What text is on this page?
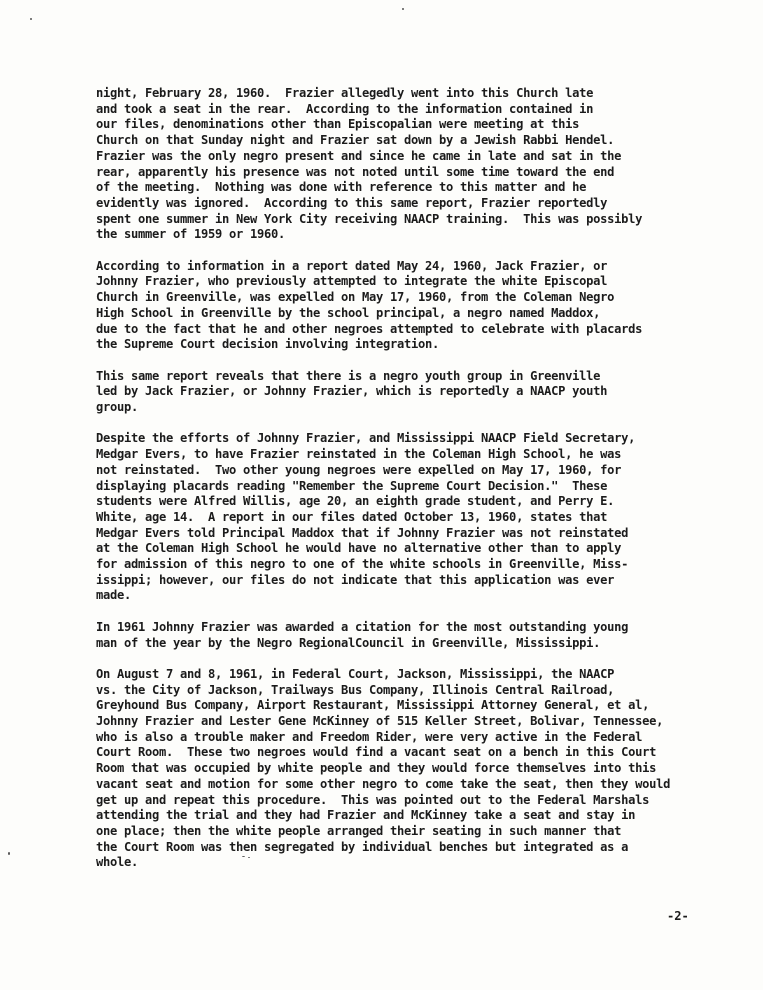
night, February 28, 1960.  Frazier allegedly went into this Church late
and took a seat in the rear.  According to the information contained in
our files, denominations other than Episcopalian were meeting at this
Church on that Sunday night and Frazier sat down by a Jewish Rabbi Hendel.
Frazier was the only negro present and since he came in late and sat in the
rear, apparently his presence was not noted until some time toward the end
of the meeting.  Nothing was done with reference to this matter and he
evidently was ignored.  According to this same report, Frazier reportedly
spent one summer in New York City receiving NAACP training.  This was possibly
the summer of 1959 or 1960.
According to information in a report dated May 24, 1960, Jack Frazier, or
Johnny Frazier, who previously attempted to integrate the white Episcopal
Church in Greenville, was expelled on May 17, 1960, from the Coleman Negro
High School in Greenville by the school principal, a negro named Maddox,
due to the fact that he and other negroes attempted to celebrate with placards
the Supreme Court decision involving integration.
This same report reveals that there is a negro youth group in Greenville
led by Jack Frazier, or Johnny Frazier, which is reportedly a NAACP youth
group.
Despite the efforts of Johnny Frazier, and Mississippi NAACP Field Secretary,
Medgar Evers, to have Frazier reinstated in the Coleman High School, he was
not reinstated.  Two other young negroes were expelled on May 17, 1960, for
displaying placards reading "Remember the Supreme Court Decision."  These
students were Alfred Willis, age 20, an eighth grade student, and Perry E.
White, age 14.  A report in our files dated October 13, 1960, states that
Medgar Evers told Principal Maddox that if Johnny Frazier was not reinstated
at the Coleman High School he would have no alternative other than to apply
for admission of this negro to one of the white schools in Greenville, Miss-
issippi; however, our files do not indicate that this application was ever
made.
In 1961 Johnny Frazier was awarded a citation for the most outstanding young
man of the year by the Negro RegionalCouncil in Greenville, Mississippi.
On August 7 and 8, 1961, in Federal Court, Jackson, Mississippi, the NAACP
vs. the City of Jackson, Trailways Bus Company, Illinois Central Railroad,
Greyhound Bus Company, Airport Restaurant, Mississippi Attorney General, et al,
Johnny Frazier and Lester Gene McKinney of 515 Keller Street, Bolivar, Tennessee,
who is also a trouble maker and Freedom Rider, were very active in the Federal
Court Room.  These two negroes would find a vacant seat on a bench in this Court
Room that was occupied by white people and they would force themselves into this
vacant seat and motion for some other negro to come take the seat, then they would
get up and repeat this procedure.  This was pointed out to the Federal Marshals
attending the trial and they had Frazier and McKinney take a seat and stay in
one place; then the white people arranged their seating in such manner that
the Court Room was then segregated by individual benches but integrated as a
whole.
-2-
